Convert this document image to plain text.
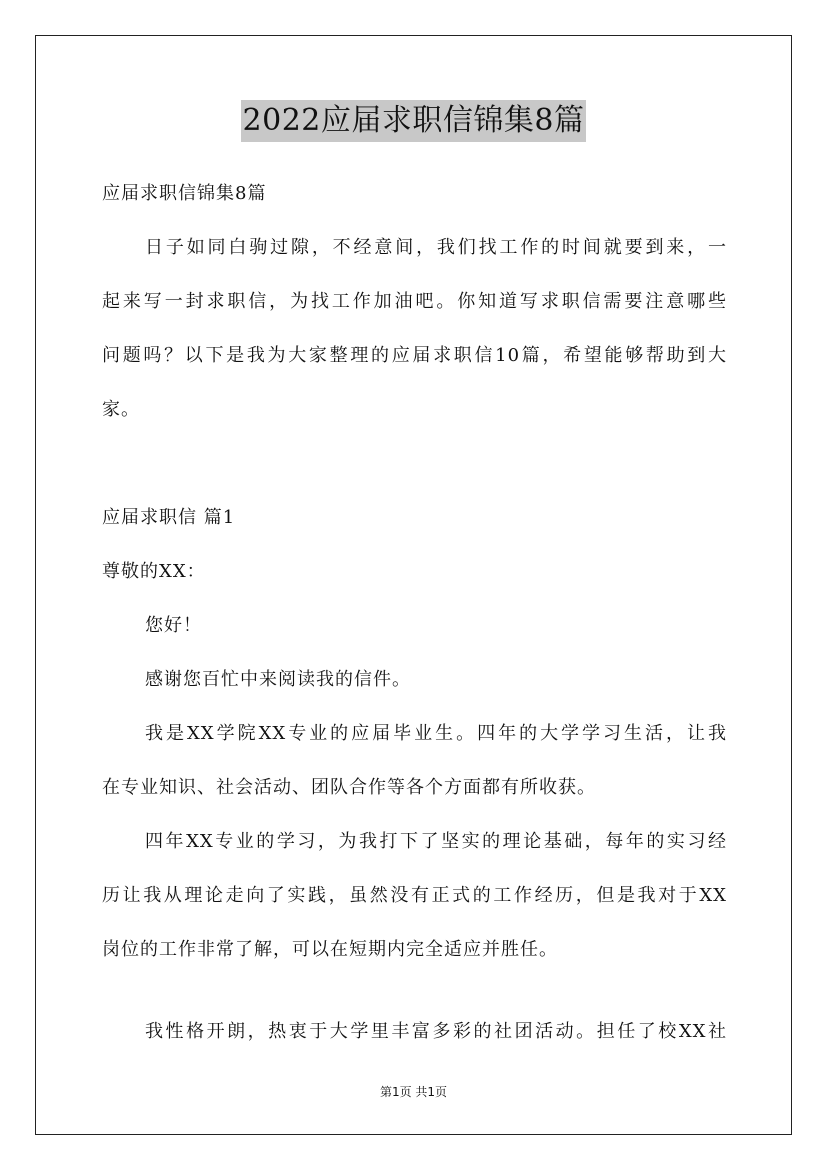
2022应届求职信锦集8篇
应届求职信锦集8篇
日子如同白驹过隙，不经意间，我们找工作的时间就要到来，一
起来写一封求职信，为找工作加油吧。你知道写求职信需要注意哪些
问题吗？以下是我为大家整理的应届求职信10篇，希望能够帮助到大
家。
应届求职信 篇1
尊敬的XX：
您好！
感谢您百忙中来阅读我的信件。
我是XX学院XX专业的应届毕业生。四年的大学学习生活，让我
在专业知识、社会活动、团队合作等各个方面都有所收获。
四年XX专业的学习，为我打下了坚实的理论基础，每年的实习经
历让我从理论走向了实践，虽然没有正式的工作经历，但是我对于XX
岗位的工作非常了解，可以在短期内完全适应并胜任。
我性格开朗，热衷于大学里丰富多彩的社团活动。担任了校XX社
第1页 共1页
